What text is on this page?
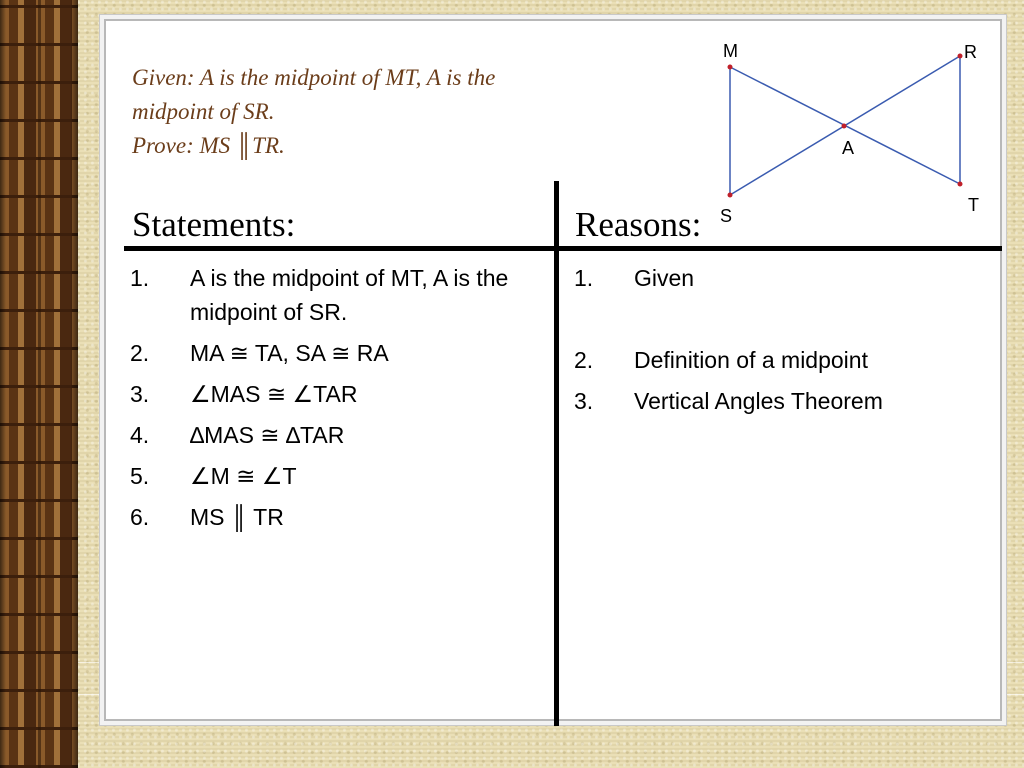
Given: A is the midpoint of MT, A is the
midpoint of SR.
Prove: MS ║TR.
M	R
A
S
T
Statements:	Reasons:
1. A is the midpoint of MT, A is the midpoint of SR.
2. MA ≅ TA, SA ≅ RA
3. ∠MAS ≅ ∠TAR
4. ∆MAS ≅ ∆TAR
5. ∠M ≅ ∠T
6. MS ║ TR
1. Given
2. Definition of a midpoint
3. Vertical Angles Theorem
